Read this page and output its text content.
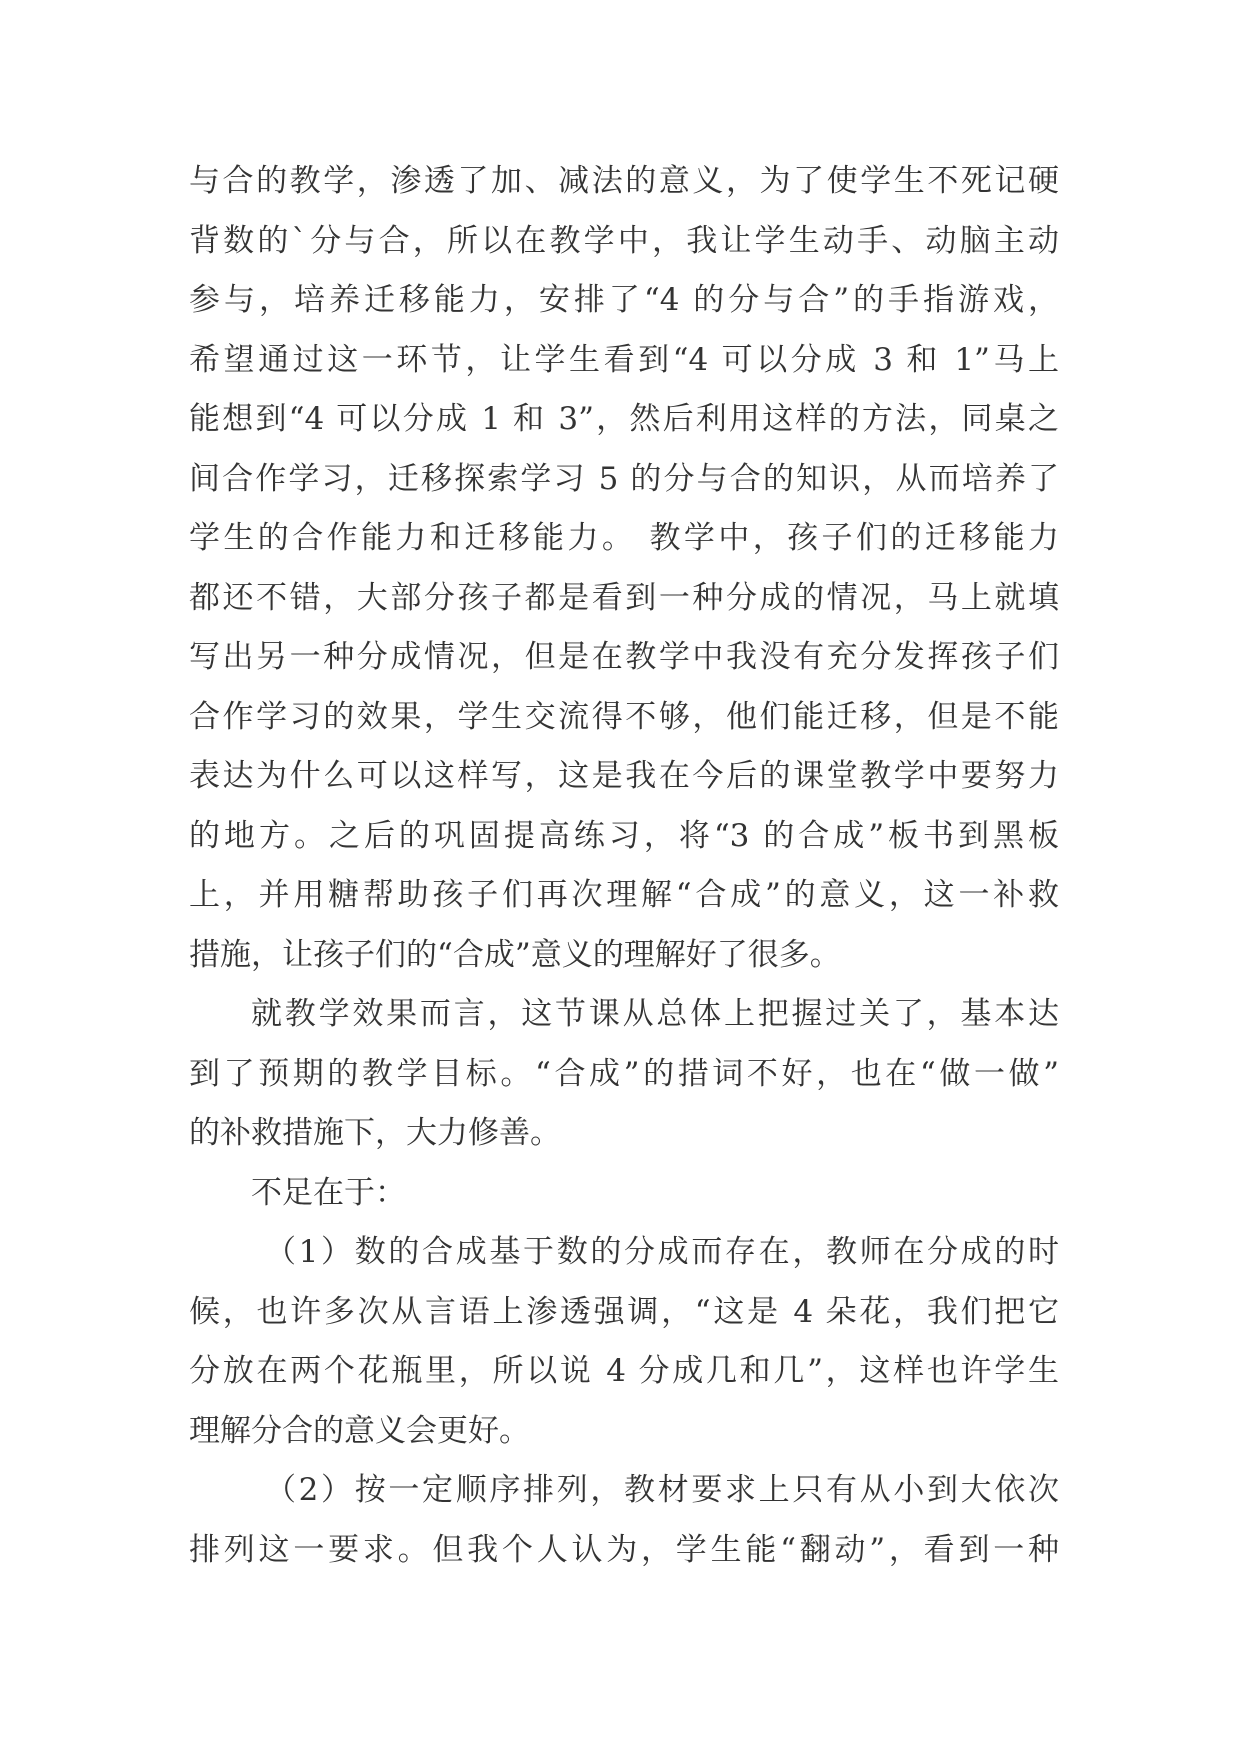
与合的教学，渗透了加、减法的意义，为了使学生不死记硬
背数的`分与合，所以在教学中，我让学生动手、动脑主动
参与，培养迁移能力，安排了“4 的分与合”的手指游戏，
希望通过这一环节，让学生看到“4 可以分成 3 和 1”马上
能想到“4 可以分成 1 和 3”，然后利用这样的方法，同桌之
间合作学习，迁移探索学习 5 的分与合的知识，从而培养了
学生的合作能力和迁移能力。 教学中，孩子们的迁移能力
都还不错，大部分孩子都是看到一种分成的情况，马上就填
写出另一种分成情况，但是在教学中我没有充分发挥孩子们
合作学习的效果，学生交流得不够，他们能迁移，但是不能
表达为什么可以这样写，这是我在今后的课堂教学中要努力
的地方。之后的巩固提高练习，将“3 的合成”板书到黑板
上，并用糖帮助孩子们再次理解“合成”的意义，这一补救
措施，让孩子们的“合成”意义的理解好了很多。
就教学效果而言，这节课从总体上把握过关了，基本达
到了预期的教学目标。“合成”的措词不好，也在“做一做”
的补救措施下，大力修善。
不足在于：
（1）数的合成基于数的分成而存在，教师在分成的时
候，也许多次从言语上渗透强调，“这是 4 朵花，我们把它
分放在两个花瓶里，所以说 4 分成几和几”，这样也许学生
理解分合的意义会更好。
（2）按一定顺序排列，教材要求上只有从小到大依次
排列这一要求。但我个人认为，学生能“翻动”，看到一种
